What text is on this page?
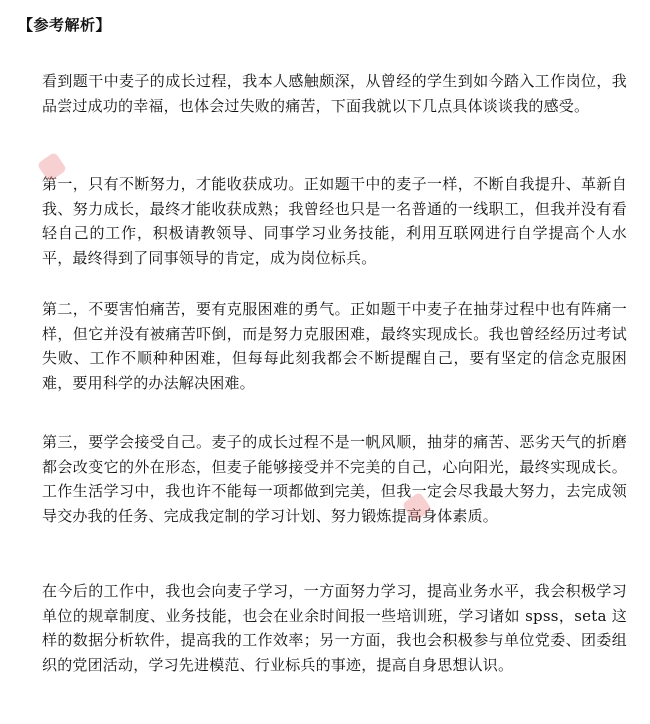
【参考解析】
看到题干中麦子的成长过程，我本人感触颇深，从曾经的学生到如今踏入工作岗位，我品尝过成功的幸福，也体会过失败的痛苦，下面我就以下几点具体谈谈我的感受。
第一，只有不断努力，才能收获成功。正如题干中的麦子一样，不断自我提升、革新自我、努力成长，最终才能收获成熟；我曾经也只是一名普通的一线职工，但我并没有看轻自己的工作，积极请教领导、同事学习业务技能，利用互联网进行自学提高个人水平，最终得到了同事领导的肯定，成为岗位标兵。
第二，不要害怕痛苦，要有克服困难的勇气。正如题干中麦子在抽芽过程中也有阵痛一样，但它并没有被痛苦吓倒，而是努力克服困难，最终实现成长。我也曾经经历过考试失败、工作不顺种种困难，但每每此刻我都会不断提醒自己，要有坚定的信念克服困难，要用科学的办法解决困难。
第三，要学会接受自己。麦子的成长过程不是一帆风顺，抽芽的痛苦、恶劣天气的折磨都会改变它的外在形态，但麦子能够接受并不完美的自己，心向阳光，最终实现成长。工作生活学习中，我也许不能每一项都做到完美，但我一定会尽我最大努力，去完成领导交办我的任务、完成我定制的学习计划、努力锻炼提高身体素质。
在今后的工作中，我也会向麦子学习，一方面努力学习，提高业务水平，我会积极学习单位的规章制度、业务技能，也会在业余时间报一些培训班，学习诸如 spss，seta 这样的数据分析软件，提高我的工作效率；另一方面，我也会积极参与单位党委、团委组织的党团活动，学习先进模范、行业标兵的事迹，提高自身思想认识。
